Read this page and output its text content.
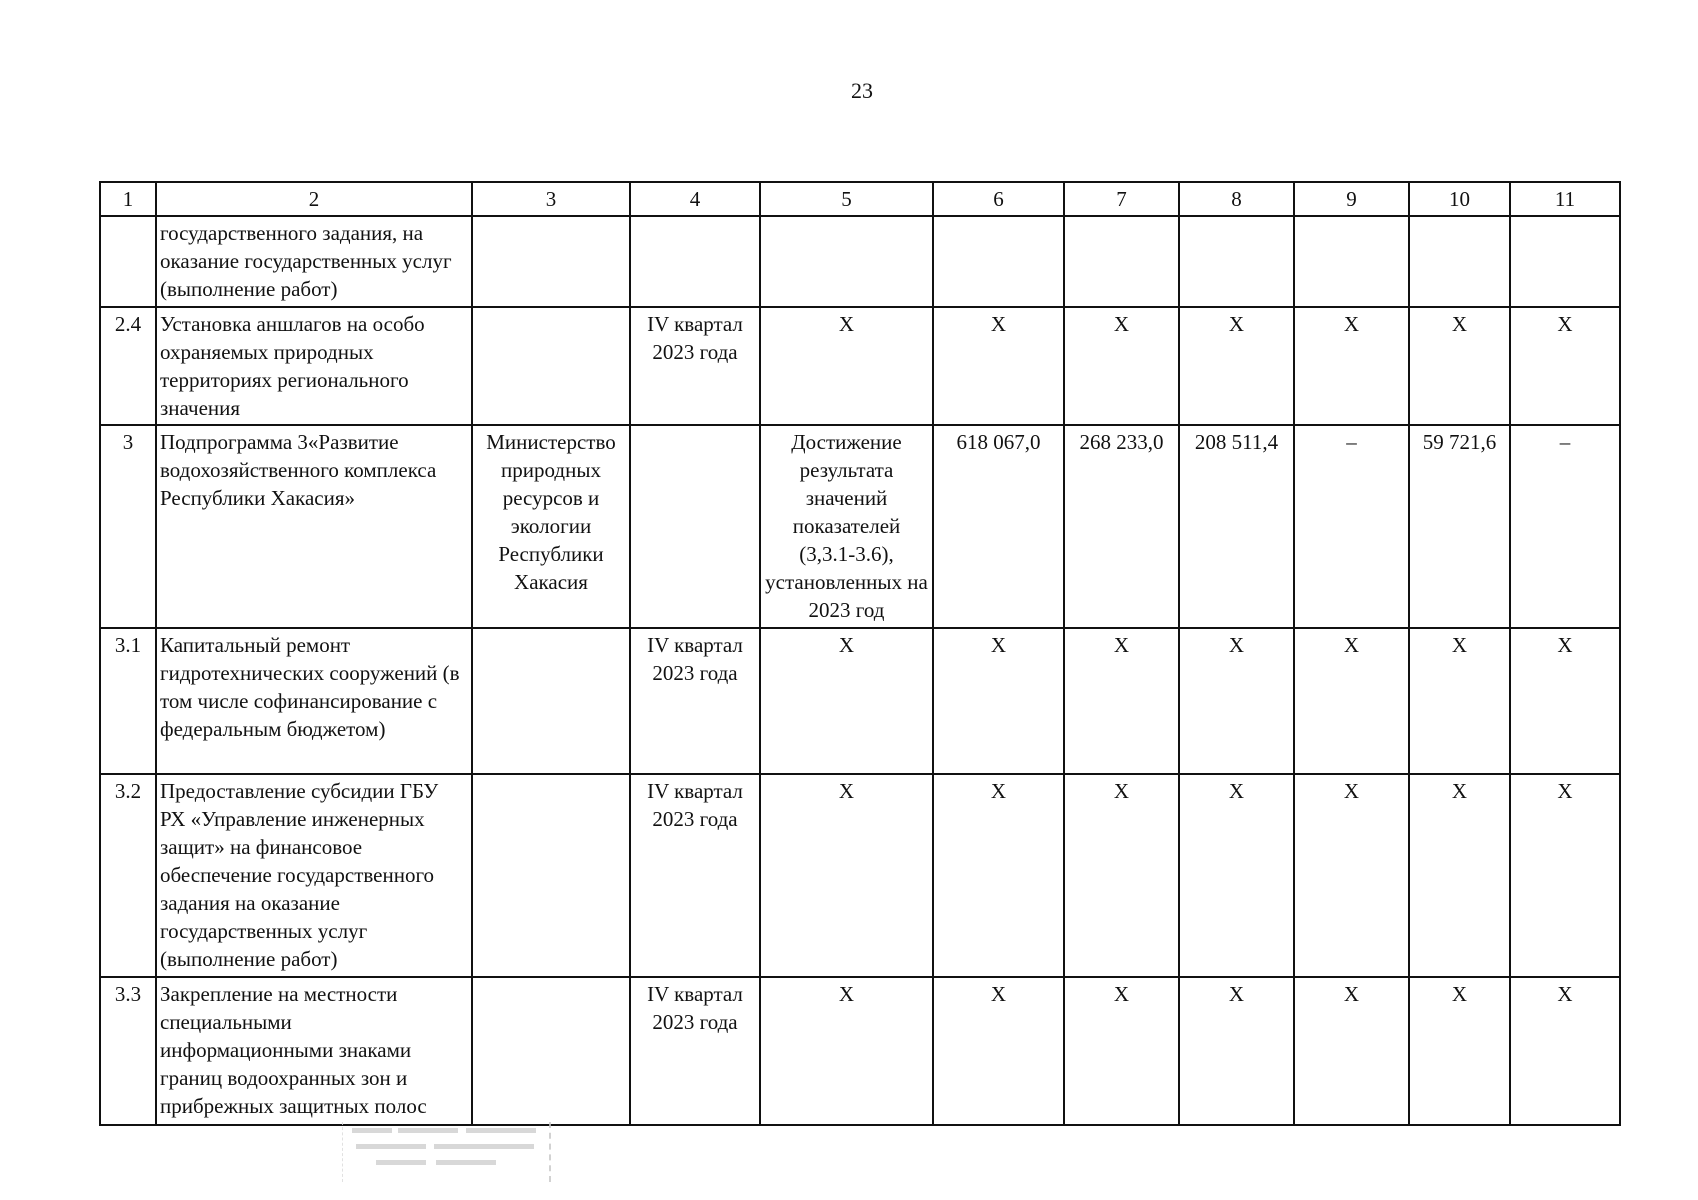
23
1	2	3	4	5	6	7	8	9	10	11
	государственного задания, на оказание государственных услуг (выполнение работ)									
2.4	Установка аншлагов на особо охраняемых природных территориях регионального значения		IV квартал 2023 года	Х	Х	Х	Х	Х	Х	Х
3	Подпрограмма 3«Развитие водохозяйственного комплекса Республики Хакасия»	Министерство природных ресурсов и экологии Республики Хакасия		Достижение результата значений показателей (3,3.1-3.6), установленных на 2023 год	618 067,0	268 233,0	208 511,4	–	59 721,6	–
3.1	Капитальный ремонт гидротехнических сооружений (в том числе софинансирование с федеральным бюджетом)		IV квартал 2023 года	Х	Х	Х	Х	Х	Х	Х
3.2	Предоставление субсидии ГБУ РХ «Управление инженерных защит» на финансовое обеспечение государственного задания на оказание государственных услуг (выполнение работ)		IV квартал 2023 года	Х	Х	Х	Х	Х	Х	Х
3.3	Закрепление на местности специальными информационными знаками границ водоохранных зон и прибрежных защитных полос		IV квартал 2023 года	Х	Х	Х	Х	Х	Х	Х
